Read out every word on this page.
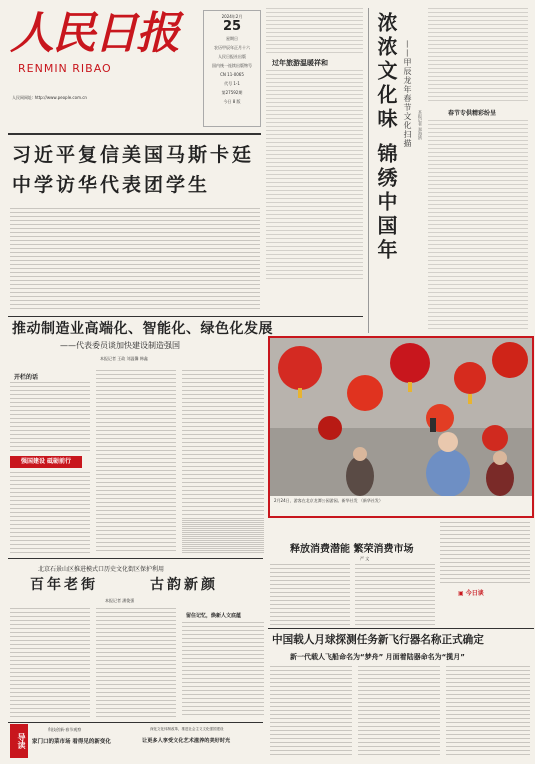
人民日报
RENMIN RIBAO
人民网网址: http://www.people.com.cn
2024年2月
25
星期日
农历甲辰年正月十六
人民日报社出版
国内统一连续出版物号
CN 11-0065
代号 1-1
第27592期
今日 8 版
过年旅游温暖祥和 浓浓文化味 锦绣中国年 ——甲辰龙年春节文化扫描 本报记者 郑海鸥	春节专供精彩纷呈
习近平复信美国马斯卡廷中学访华代表团学生
推动制造业高端化、智能化、绿色化发展
——代表委员谈加快建设制造强国
本报记者 王政 刘温馨 韩鑫
开栏的话
强国建设 砥砺前行
2月24日，游客在北京龙潭公园游园。新华社发 （新华社发）
北京石景山区推进模式口历史文化街区保护利用
百年老街	古韵新颜
本报记者 潘俊强
留住记忆，焕新人文底蕴
释放消费潜能 繁荣消费市场
严 文
▣ 今日谈
中国载人月球探测任务新飞行器名称正式确定
新一代载人飞船命名为“梦舟” 月面着陆器命名为“揽月”
导读
科技创新·春节观察
家门口的菜市场 看得见的新变化
深化文化体制改革，推进社会主义文化强国建设
让更多人享受文化艺术滋养的美好时光
